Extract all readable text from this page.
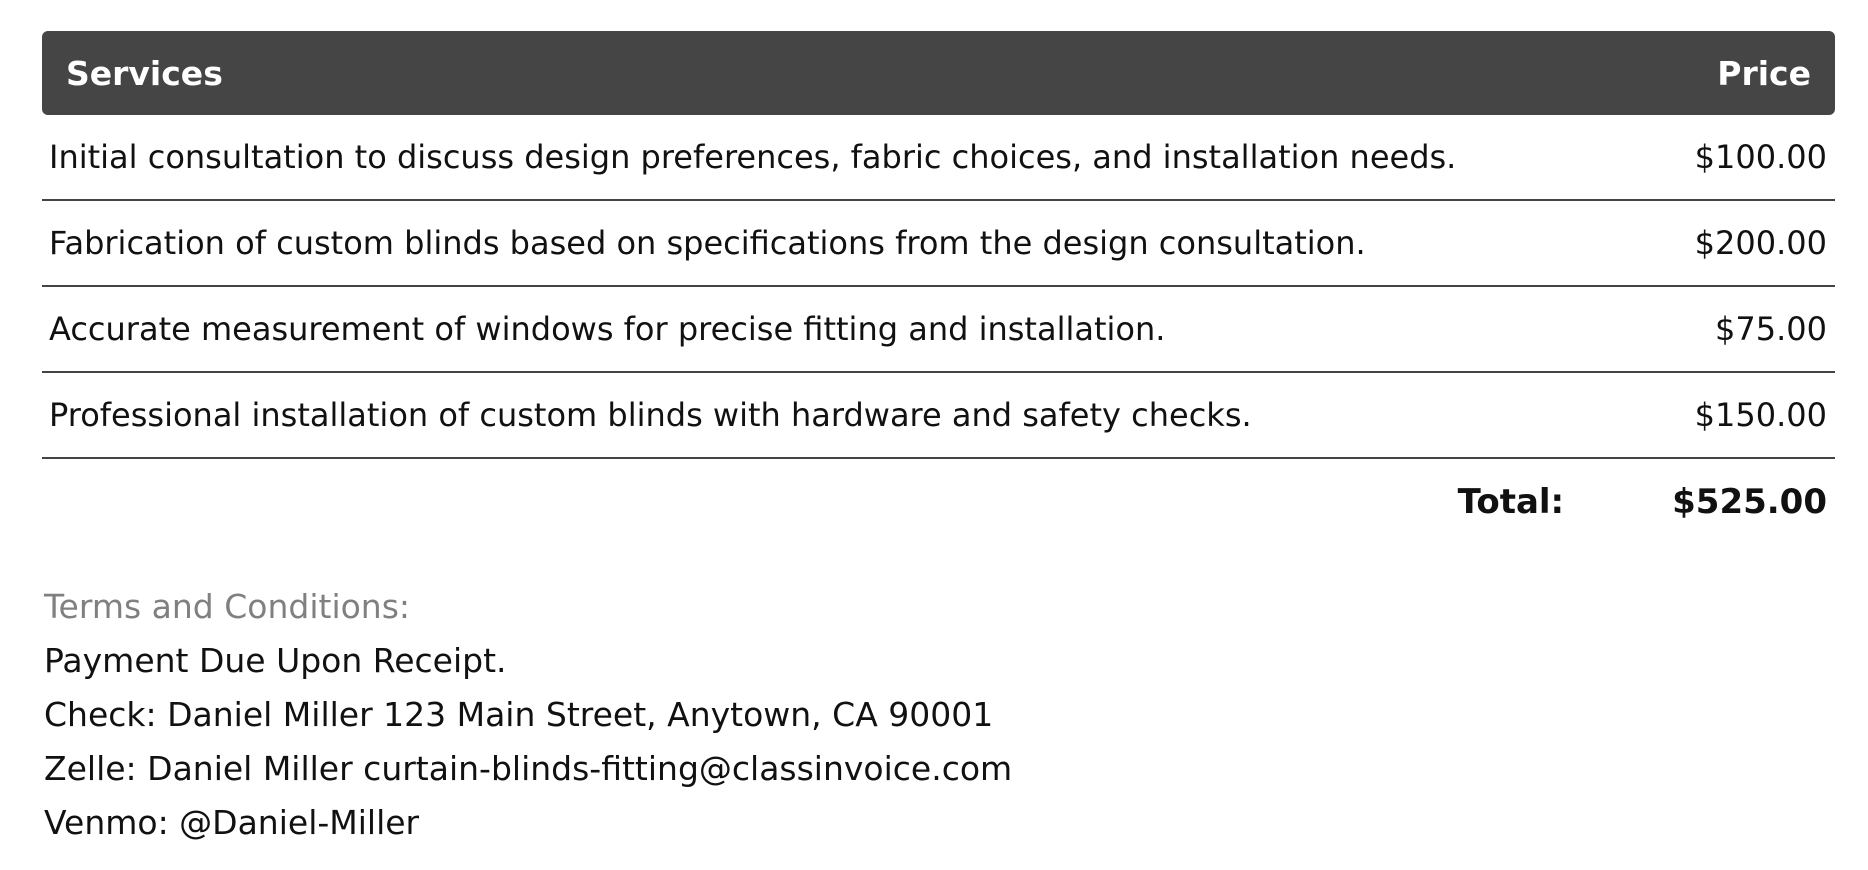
Services	Price
Initial consultation to discuss design preferences, fabric choices, and installation needs.	$100.00
Fabrication of custom blinds based on specifications from the design consultation.	$200.00
Accurate measurement of windows for precise fitting and installation.	$75.00
Professional installation of custom blinds with hardware and safety checks.	$150.00
Total:	$525.00
Terms and Conditions:
Payment Due Upon Receipt.
Check: Daniel Miller 123 Main Street, Anytown, CA 90001
Zelle: Daniel Miller curtain-blinds-fitting@classinvoice.com
Venmo: @Daniel-Miller
